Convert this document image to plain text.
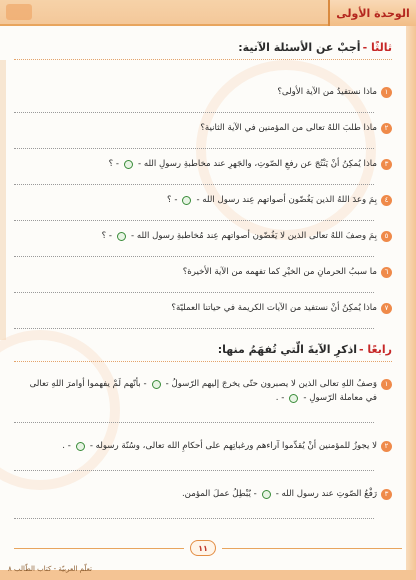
الوحدة الأولى
ثالثًا -
أجبْ عن الأسئلة الآتية:
١
ماذا نستفيدُ من الآية الأولى؟
٢
ماذا طلبَ اللهُ تعالى من المؤمنين في الآية الثانية؟
٣
ماذا يُمكِنُ أنْ يَنْتُجَ عن رفعِ الصّوتِ، والجَهرِ عند مخاطبةِ رسولِ الله -
- ؟
٤
بِمَ وعدَ اللهُ الذين يَغُضّون أصواتهم عِند رسول الله -
- ؟
٥
بِمَ وصفَ اللهُ تعالى الذين لا يَغُضّون أصواتهم عِند مُخاطبةِ رسول الله -
- ؟
٦
ما سببُ الحرمانِ من الخيْرِ كما تفهمه من الآية الأخيرة؟
٧
ماذا يُمكِنُ أنْ نستفيد من الآيات الكريمة في حياتنا العمليّة؟
رابعًا -
اذكرِ الآيةَ الّتي تُفهَمُ منها:
١
وَصفُ اللهِ تعالى الذين لا يصبرون حتّى يخرجَ إليهم الرّسولُ -
- بأنّهم لَمْ يفهموا أوامرَ اللهِ تعالى
في معاملة الرّسولِ -
- .
٢
لا يجوزُ للمؤمنين أنْ يُقدِّموا آراءهم ورغباتِهم على أحكامِ الله تعالى، وسُنّة رسوله -
- .
٣
رَفْعُ الصّوتِ عند رسول الله -
- يُبْطِلُ عملَ المؤمن.
١١
تعلّم العربيّة - كتاب الطّالب ٨
